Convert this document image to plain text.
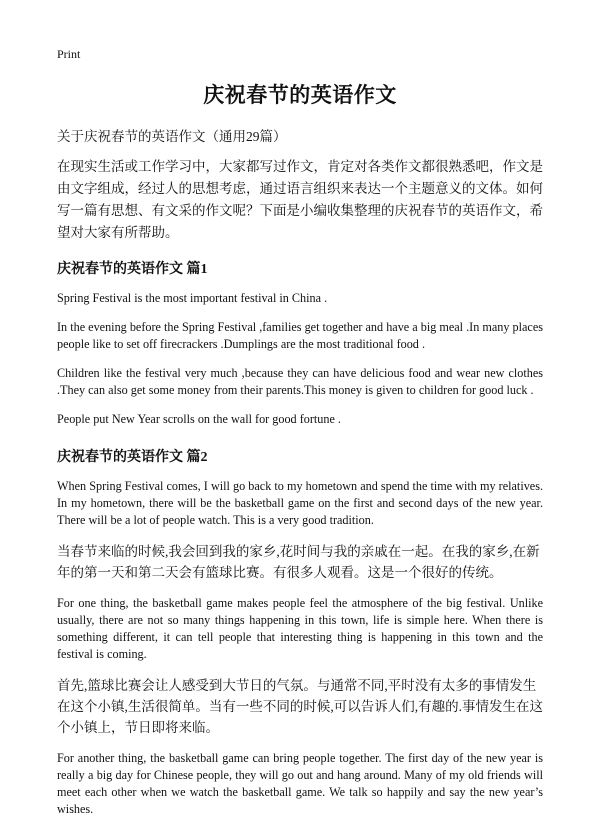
Print
庆祝春节的英语作文
关于庆祝春节的英语作文（通用29篇）
在现实生活或工作学习中，大家都写过作文，肯定对各类作文都很熟悉吧，作文是由文字组成，经过人的思想考虑，通过语言组织来表达一个主题意义的文体。如何写一篇有思想、有文采的作文呢？下面是小编收集整理的庆祝春节的英语作文，希望对大家有所帮助。
庆祝春节的英语作文 篇1
Spring Festival is the most important festival in China .
In the evening before the Spring Festival ,families get together and have a big meal .In many places people like to set off firecrackers .Dumplings are the most traditional food .
Children like the festival very much ,because they can have delicious food and wear new clothes .They can also get some money from their parents.This money is given to children for good luck .
People put New Year scrolls on the wall for good fortune .
庆祝春节的英语作文 篇2
When Spring Festival comes, I will go back to my hometown and spend the time with my relatives. In my hometown, there will be the basketball game on the first and second days of the new year. There will be a lot of people watch. This is a very good tradition.
当春节来临的时候,我会回到我的家乡,花时间与我的亲戚在一起。在我的家乡,在新年的第一天和第二天会有篮球比赛。有很多人观看。这是一个很好的传统。
For one thing, the basketball game makes people feel the atmosphere of the big festival. Unlike usually, there are not so many things happening in this town, life is simple here. When there is something different, it can tell people that interesting thing is happening in this town and the festival is coming.
首先,篮球比赛会让人感受到大节日的气氛。与通常不同,平时没有太多的事情发生在这个小镇,生活很简单。当有一些不同的时候,可以告诉人们,有趣的.事情发生在这个小镇上，节日即将来临。
For another thing, the basketball game can bring people together. The first day of the new year is really a big day for Chinese people, they will go out and hang around. Many of my old friends will meet each other when we watch the basketball game. We talk so happily and say the new year’s wishes.
